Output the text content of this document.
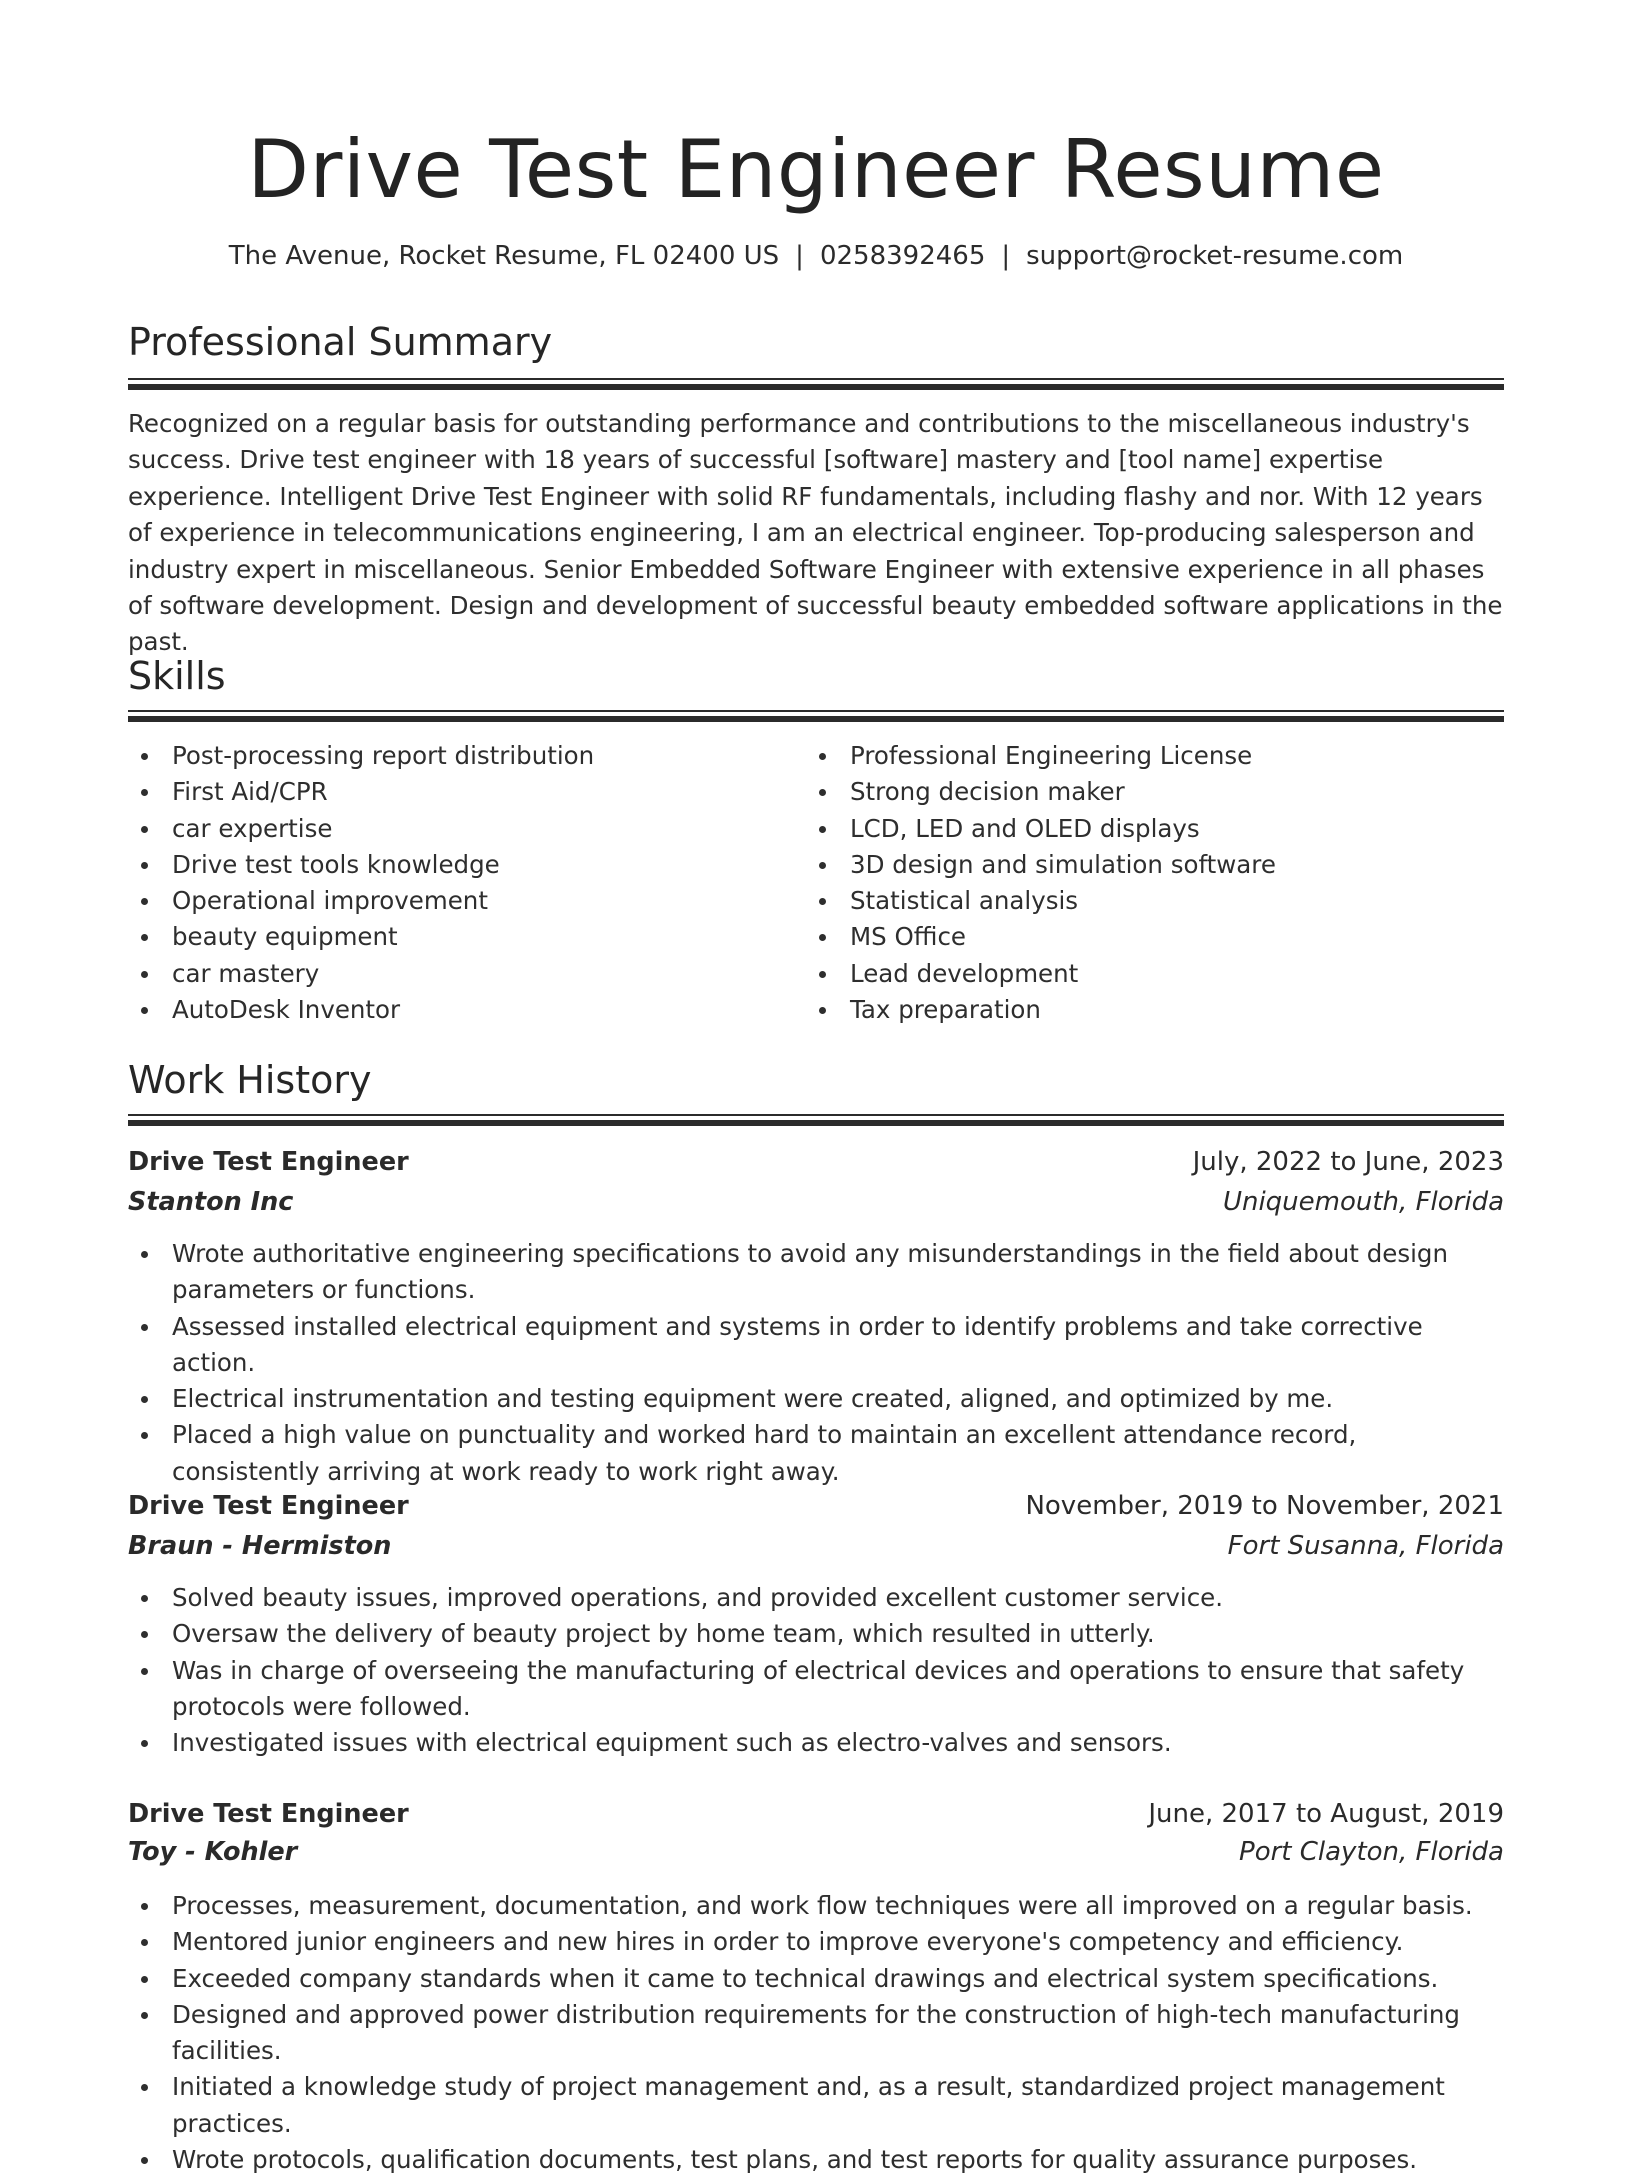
Drive Test Engineer Resume
The Avenue, Rocket Resume, FL 02400 US | 0258392465 | support@rocket-resume.com
Professional Summary

Recognized on a regular basis for outstanding performance and contributions to the miscellaneous industry's success. Drive test engineer with 18 years of successful [software] mastery and [tool name] expertise experience. Intelligent Drive Test Engineer with solid RF fundamentals, including flashy and nor. With 12 years of experience in telecommunications engineering, I am an electrical engineer. Top-producing salesperson and industry expert in miscellaneous. Senior Embedded Software Engineer with extensive experience in all phases of software development. Design and development of successful beauty embedded software applications in the past.

Skills
Post-processing report distribution
First Aid/CPR
car expertise
Drive test tools knowledge
Operational improvement
beauty equipment
car mastery
AutoDesk Inventor
Professional Engineering License
Strong decision maker
LCD, LED and OLED displays
3D design and simulation software
Statistical analysis
MS Office
Lead development
Tax preparation
Work History
Drive Test Engineer	July, 2022 to June, 2023
Stanton Inc	Uniquemouth, Florida
Wrote authoritative engineering specifications to avoid any misunderstandings in the field about design parameters or functions.
Assessed installed electrical equipment and systems in order to identify problems and take corrective action.
Electrical instrumentation and testing equipment were created, aligned, and optimized by me.
Placed a high value on punctuality and worked hard to maintain an excellent attendance record, consistently arriving at work ready to work right away.
Drive Test Engineer	November, 2019 to November, 2021
Braun - Hermiston	Fort Susanna, Florida
Solved beauty issues, improved operations, and provided excellent customer service.
Oversaw the delivery of beauty project by home team, which resulted in utterly.
Was in charge of overseeing the manufacturing of electrical devices and operations to ensure that safety protocols were followed.
Investigated issues with electrical equipment such as electro-valves and sensors.
Drive Test Engineer	June, 2017 to August, 2019
Toy - Kohler	Port Clayton, Florida
Processes, measurement, documentation, and work flow techniques were all improved on a regular basis.
Mentored junior engineers and new hires in order to improve everyone's competency and efficiency.
Exceeded company standards when it came to technical drawings and electrical system specifications.
Designed and approved power distribution requirements for the construction of high-tech manufacturing facilities.
Initiated a knowledge study of project management and, as a result, standardized project management practices.
Wrote protocols, qualification documents, test plans, and test reports for quality assurance purposes.
